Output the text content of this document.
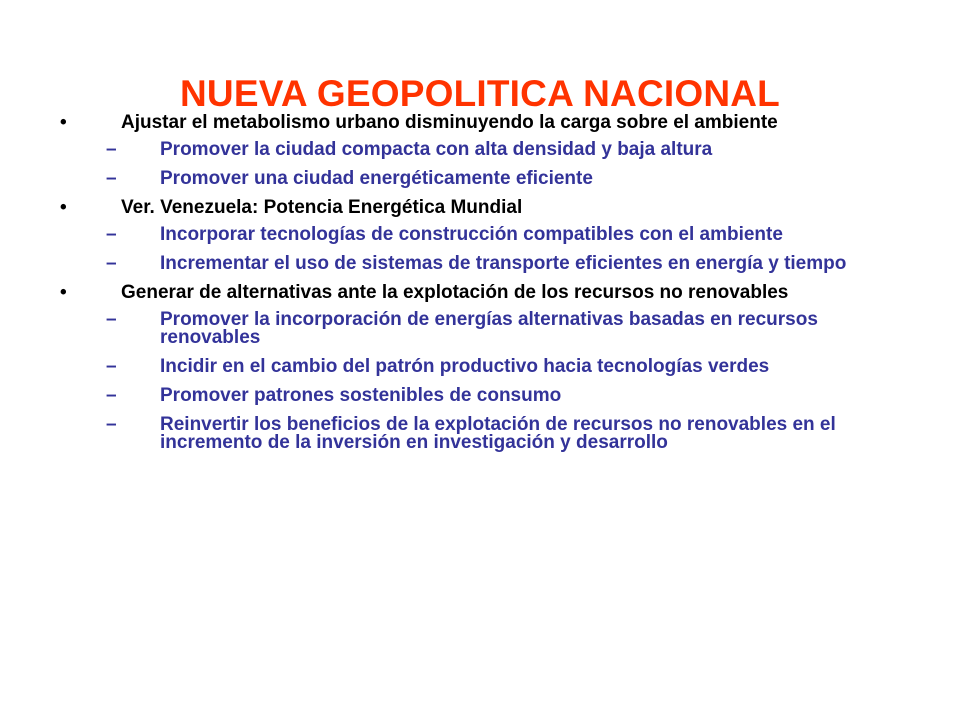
NUEVA GEOPOLITICA NACIONAL
•	Ajustar el metabolismo urbano disminuyendo la carga sobre el ambiente
– Promover la ciudad compacta con alta densidad y baja altura
– Promover una ciudad energéticamente eficiente
•	Ver. Venezuela: Potencia Energética Mundial
– Incorporar tecnologías de construcción compatibles con el ambiente
– Incrementar el uso de sistemas de transporte eficientes en energía y tiempo
•	Generar de alternativas ante la explotación de los recursos no renovables
– Promover la incorporación de energías alternativas basadas en recursos renovables
– Incidir en el cambio del patrón productivo hacia tecnologías verdes
– Promover patrones sostenibles de consumo
– Reinvertir los beneficios de la explotación de recursos no renovables en el incremento de la inversión en investigación y desarrollo
